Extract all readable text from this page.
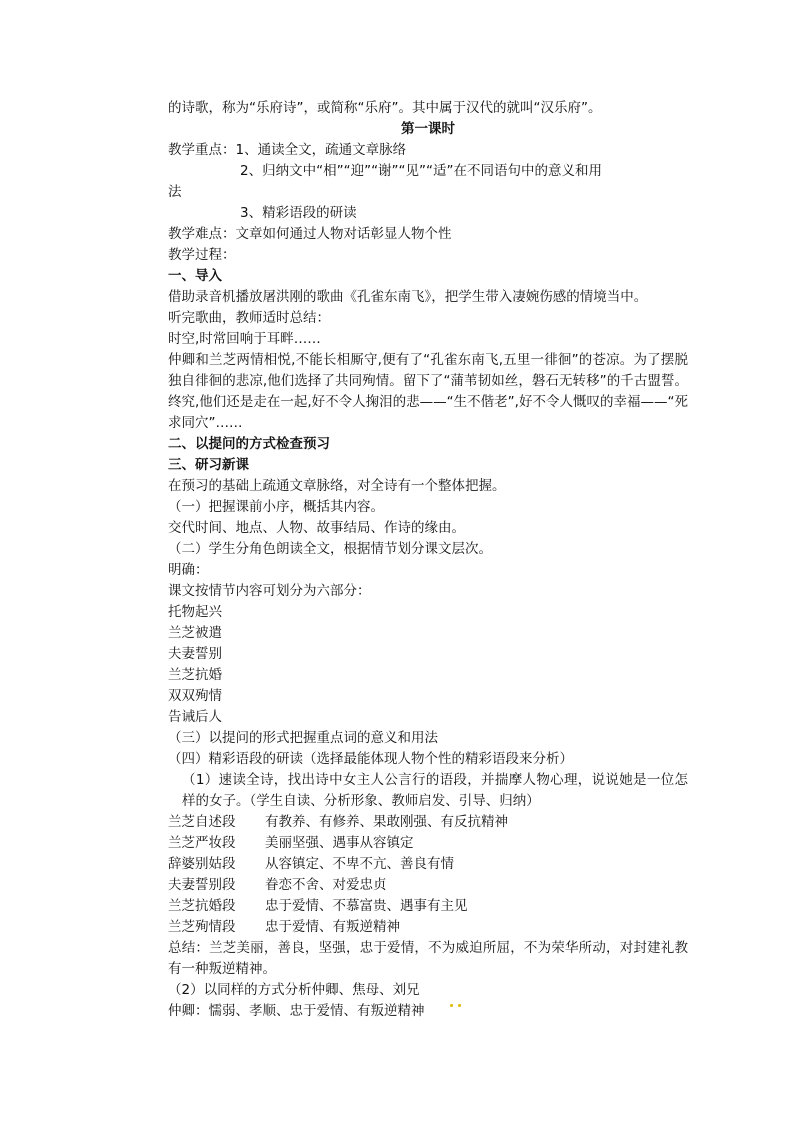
的诗歌，称为“乐府诗”，或简称“乐府”。其中属于汉代的就叫“汉乐府”。
第一课时
教学重点：1、通读全文，疏通文章脉络
2、归纳文中“相”“迎”“谢”“见”“适”在不同语句中的意义和用
法
3、精彩语段的研读
教学难点：文章如何通过人物对话彰显人物个性
教学过程：
一、导入
借助录音机播放屠洪刚的歌曲《孔雀东南飞》，把学生带入凄婉伤感的情境当中。
听完歌曲，教师适时总结：
时空,时常回响于耳畔……
仲卿和兰芝两情相悦,不能长相厮守,便有了“孔雀东南飞,五里一徘徊”的苍凉。为了摆脱独自徘徊的悲凉,他们选择了共同殉情。留下了“蒲苇韧如丝，磐石无转移”的千古盟誓。终究,他们还是走在一起,好不令人掬泪的悲——“生不偕老”,好不令人慨叹的幸福——“死求同穴”……
二、以提问的方式检查预习
三、研习新课
在预习的基础上疏通文章脉络，对全诗有一个整体把握。
（一）把握课前小序，概括其内容。
交代时间、地点、人物、故事结局、作诗的缘由。
（二）学生分角色朗读全文，根据情节划分课文层次。
明确：
课文按情节内容可划分为六部分：
托物起兴
兰芝被遣
夫妻誓别
兰芝抗婚
双双殉情
告诫后人
（三）以提问的形式把握重点词的意义和用法
（四）精彩语段的研读（选择最能体现人物个性的精彩语段来分析）
（1）速读全诗，找出诗中女主人公言行的语段，并揣摩人物心理，说说她是一位怎样的女子。（学生自读、分析形象、教师启发、引导、归纳）
兰芝自述段	有教养、有修养、果敢刚强、有反抗精神
兰芝严妆段	美丽坚强、遇事从容镇定
辞婆别姑段	从容镇定、不卑不亢、善良有情
夫妻誓别段	眷恋不舍、对爱忠贞
兰芝抗婚段	忠于爱情、不慕富贵、遇事有主见
兰芝殉情段	忠于爱情、有叛逆精神
总结：兰芝美丽，善良，坚强，忠于爱情，不为威迫所屈，不为荣华所动，对封建礼教有一种叛逆精神。
（2）以同样的方式分析仲卿、焦母、刘兄
仲卿：懦弱、孝顺、忠于爱情、有叛逆精神
